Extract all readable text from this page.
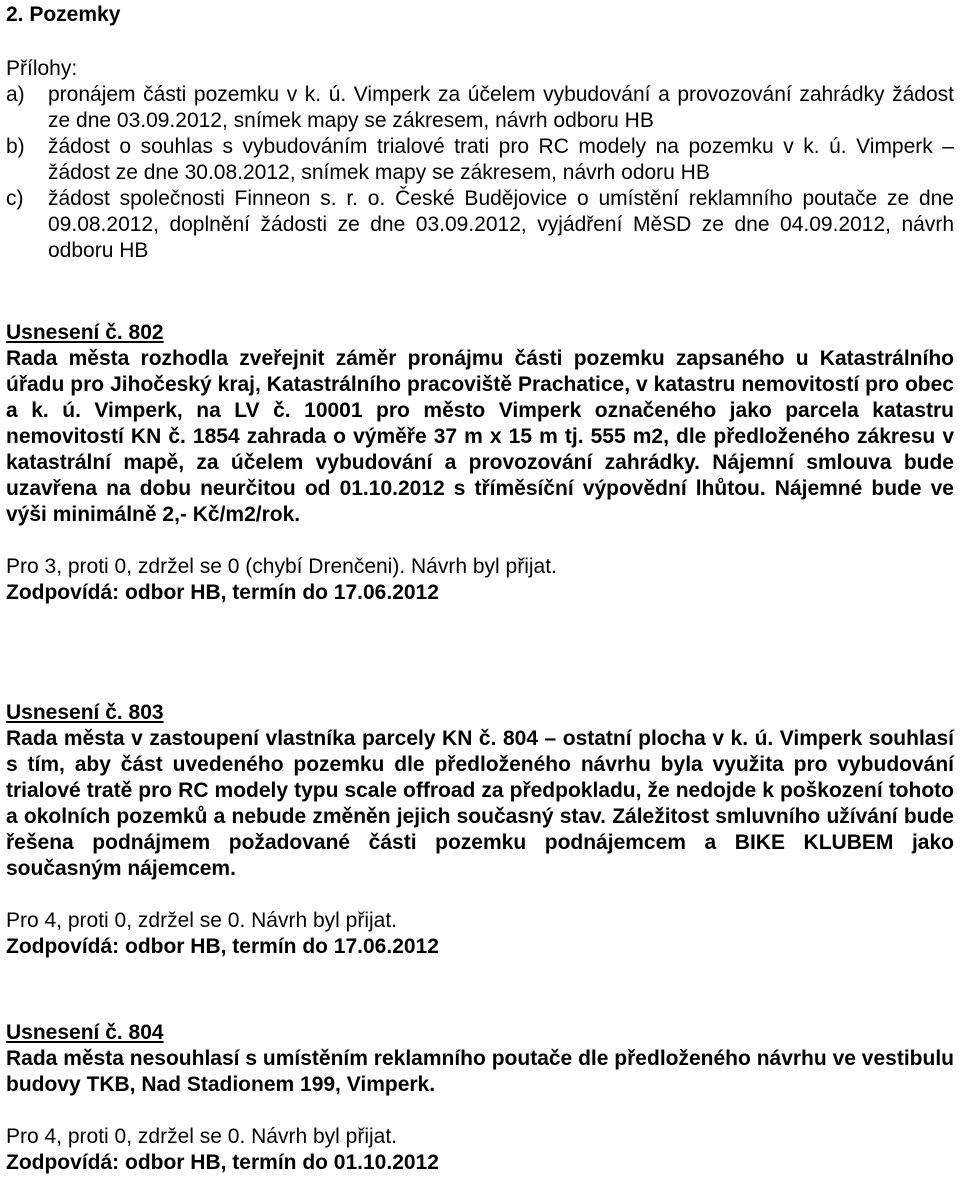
2. Pozemky
Přílohy:
a)	pronájem části pozemku v k. ú. Vimperk za účelem vybudování a provozování zahrádky žádost ze dne 03.09.2012, snímek mapy se zákresem, návrh odboru HB
b)	žádost o souhlas s vybudováním trialové trati pro RC modely na pozemku v k. ú. Vimperk – žádost ze dne 30.08.2012, snímek mapy se zákresem, návrh odoru HB
c)	žádost společnosti Finneon s. r. o. České Budějovice o umístění reklamního poutače ze dne 09.08.2012, doplnění žádosti ze dne 03.09.2012, vyjádření MěSD ze dne 04.09.2012, návrh odboru HB
Usnesení č. 802
Rada města rozhodla zveřejnit záměr pronájmu části pozemku zapsaného u Katastrálního úřadu pro Jihočeský kraj, Katastrálního pracoviště Prachatice, v katastru nemovitostí pro obec a k. ú. Vimperk, na LV č. 10001 pro město Vimperk označeného jako parcela katastru nemovitostí KN č. 1854 zahrada o výměře 37 m x 15 m tj. 555 m2, dle předloženého zákresu v katastrální mapě, za účelem vybudování a provozování zahrádky. Nájemní smlouva bude uzavřena na dobu neurčitou od 01.10.2012 s tříměsíční výpovědní lhůtou. Nájemné bude ve výši minimálně 2,- Kč/m2/rok.
Pro 3, proti 0, zdržel se 0 (chybí Drenčeni). Návrh byl přijat.
Zodpovídá: odbor HB, termín do 17.06.2012
Usnesení č. 803
Rada města v zastoupení vlastníka parcely KN č. 804 – ostatní plocha v k. ú. Vimperk souhlasí s tím, aby část uvedeného pozemku dle předloženého návrhu byla využita pro vybudování trialové tratě pro RC modely typu scale offroad za předpokladu, že nedojde k poškození tohoto a okolních pozemků a nebude změněn jejich současný stav. Záležitost smluvního užívání bude řešena podnájmem požadované části pozemku podnájemcem a BIKE KLUBEM jako současným nájemcem.
Pro 4, proti 0, zdržel se 0. Návrh byl přijat.
Zodpovídá: odbor HB, termín do 17.06.2012
Usnesení č. 804
Rada města nesouhlasí s umístěním reklamního poutače dle předloženého návrhu ve vestibulu budovy TKB, Nad Stadionem 199, Vimperk.
Pro 4, proti 0, zdržel se 0. Návrh byl přijat.
Zodpovídá: odbor HB, termín do 01.10.2012
